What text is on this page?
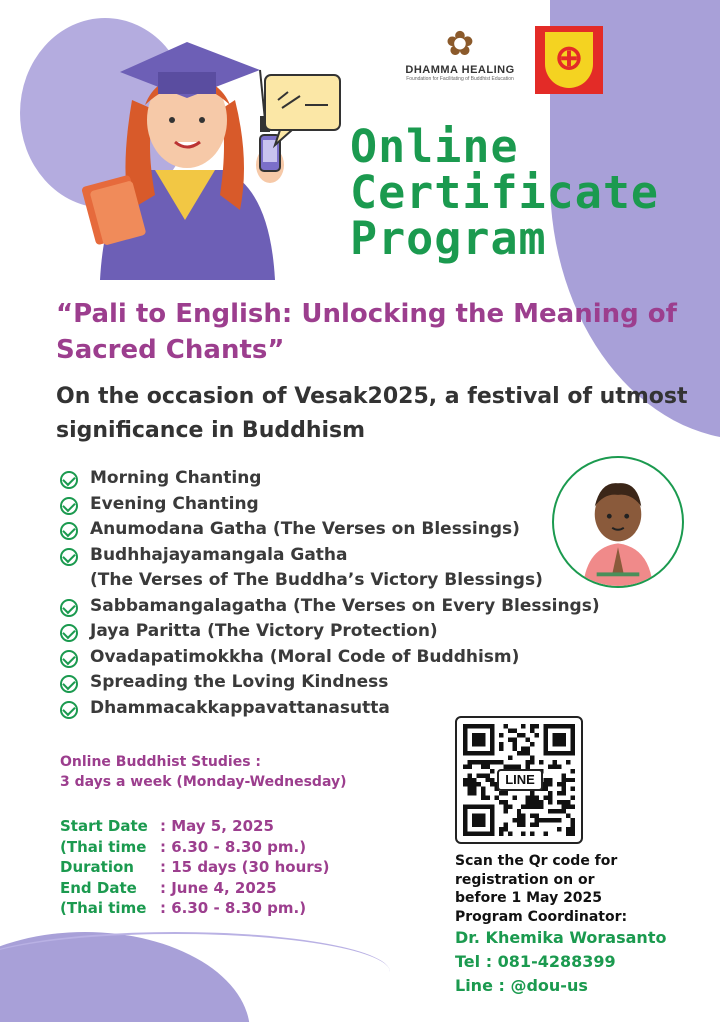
✿
DHAMMA HEALING
Foundation for Facilitating of Buddhist Education
⊕
Online
Certificate
Program
“Pali to English: Unlocking the Meaning of Sacred Chants”
On the occasion of Vesak2025, a festival of utmost significance in Buddhism
Morning Chanting
Evening Chanting
Anumodana Gatha (The Verses on Blessings)
Budhhajayamangala Gatha
(The Verses of The Buddha’s Victory Blessings)
Sabbamangalagatha (The Verses on Every Blessings)
Jaya Paritta (The Victory Protection)
Ovadapatimokkha (Moral Code of Buddhism)
Spreading the Loving Kindness
Dhammacakkappavattanasutta
Online Buddhist Studies :
3 days a week (Monday-Wednesday)
Start Date : May 5, 2025
(Thai time : 6.30 - 8.30 pm.)
Duration	: 15 days (30 hours)
End Date	: June 4, 2025
(Thai time : 6.30 - 8.30 pm.)
LINE
Scan the Qr code for
registration on or
before 1 May 2025
Program Coordinator:
Dr. Khemika Worasanto
Tel : 081-4288399
Line : @dou-us
